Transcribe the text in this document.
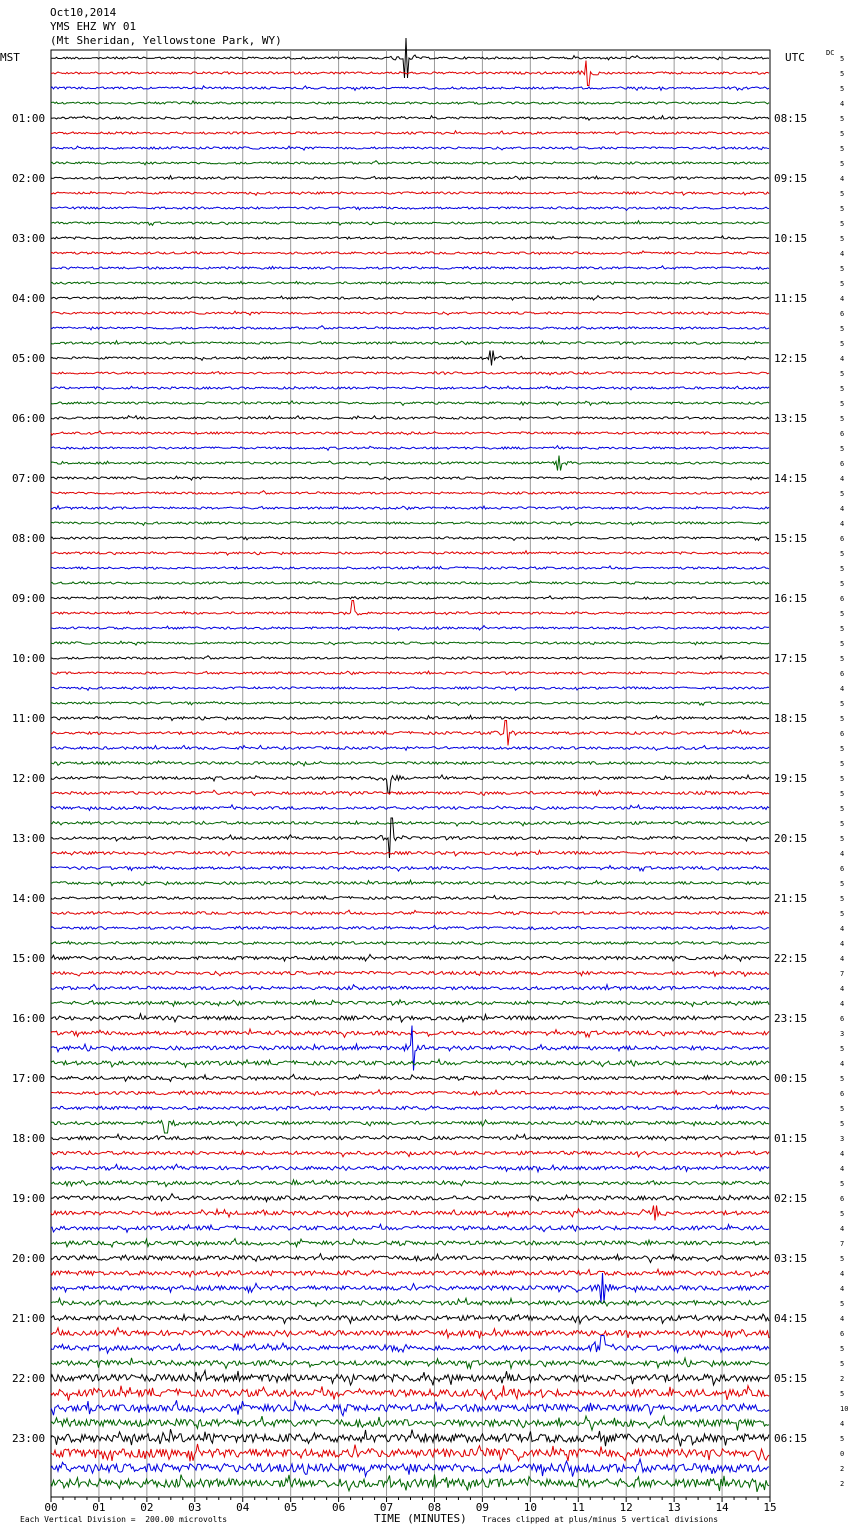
Oct10,2014
YMS EHZ WY 01
(Mt Sheridan, Yellowstone Park, WY)
MST	UTC	DC
00	01	02	03	04	05	06	07	08	09	10	11	12	13	14	15
5
5
5
4
01:00	08:15	5
5
5
5
02:00	09:15	4
5
5
5
03:00	10:15	5
4
5
5
04:00	11:15	4
6
5
5
05:00	12:15	4
5
5
5
06:00	13:15	5
6
5
6
07:00	14:15	4
5
4
4
08:00	15:15	6
5
5
5
09:00	16:15	6
5
5
5
10:00	17:15	5
6
4
5
11:00	18:15	5
6
5
5
12:00	19:15	5
5
5
5
13:00	20:15	5
4
6
5
14:00	21:15	5
5
4
4
15:00	22:15	4
7
4
4
16:00	23:15	6
3
5
4
17:00	00:15	5
6
5
5
18:00	01:15	3
4
4
5
19:00	02:15	6
5
4
7
20:00	03:15	5
4
4
5
21:00	04:15	4
6
5
5
22:00	05:15	2
5
10
4
23:00	06:15	5
0
2
2
Each Vertical Division =  200.00 microvolts	TIME (MINUTES) Traces clipped at plus/minus 5 vertical divisions
